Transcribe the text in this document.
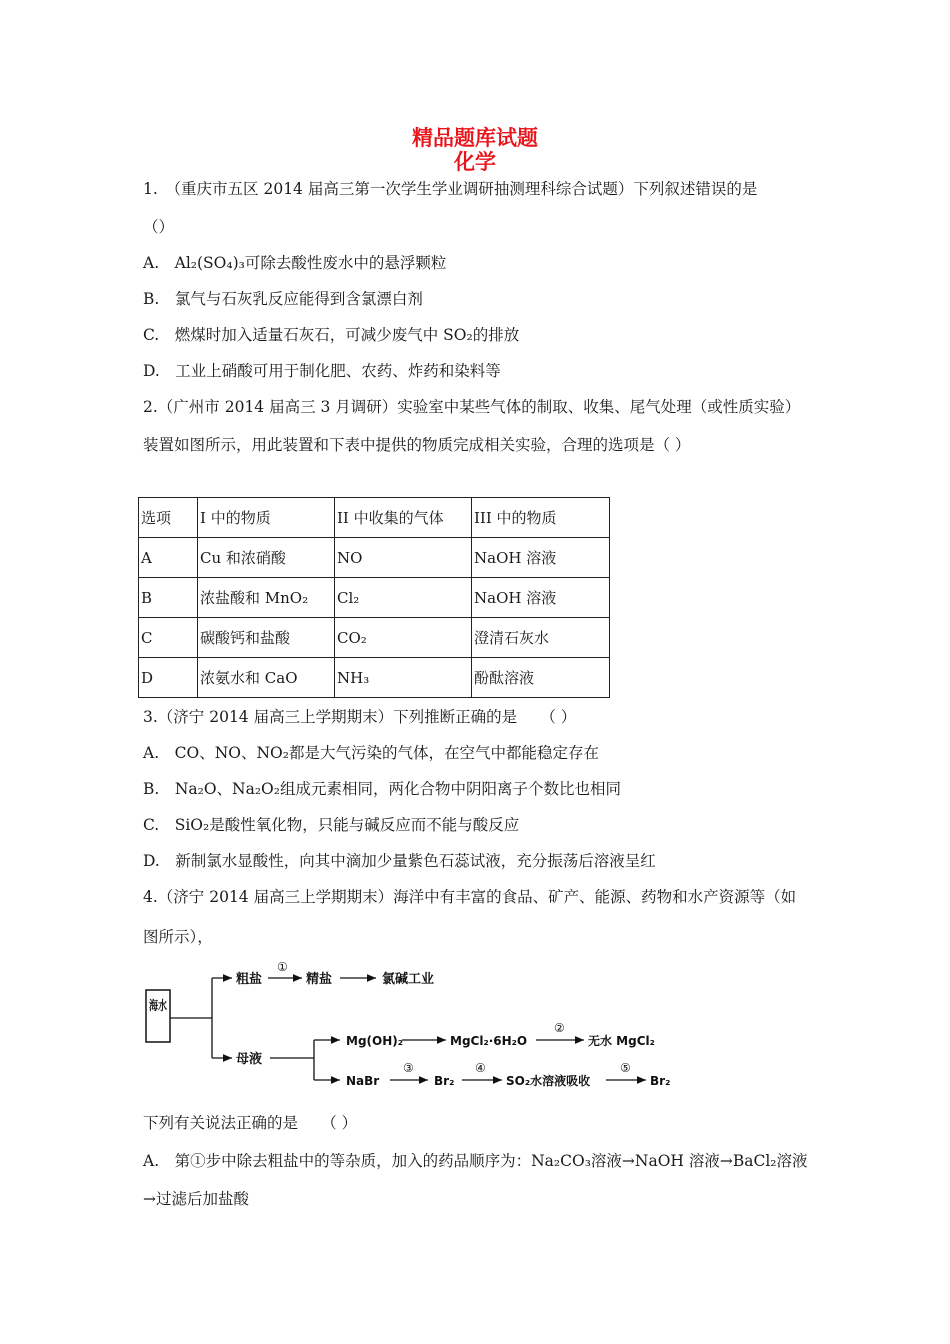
精品题库试题
化学
1.　（重庆市五区 2014 届高三第一次学生学业调研抽测理科综合试题）下列叙述错误的是
（）
A.　Al₂(SO₄)₃可除去酸性废水中的悬浮颗粒
B.　氯气与石灰乳反应能得到含氯漂白剂
C.　燃煤时加入适量石灰石，可减少废气中 SO₂的排放
D.　工业上硝酸可用于制化肥、农药、炸药和染料等
2.（广州市 2014 届高三 3 月调研）实验室中某些气体的制取、收集、尾气处理（或性质实验）
装置如图所示，用此装置和下表中提供的物质完成相关实验，合理的选项是（ ）
选项	I 中的物质	II 中收集的气体	III 中的物质
A	Cu 和浓硝酸	NO	NaOH 溶液
B	浓盐酸和 MnO₂	Cl₂	NaOH 溶液
C	碳酸钙和盐酸	CO₂	澄清石灰水
D	浓氨水和 CaO	NH₃	酚酞溶液
3.（济宁 2014 届高三上学期期末）下列推断正确的是　　（ ）
A.　CO、NO、NO₂都是大气污染的气体，在空气中都能稳定存在
B.　Na₂O、Na₂O₂组成元素相同，两化合物中阴阳离子个数比也相同
C.　SiO₂是酸性氧化物，只能与碱反应而不能与酸反应
D.　新制氯水显酸性，向其中滴加少量紫色石蕊试液，充分振荡后溶液呈红
4.（济宁 2014 届高三上学期期末）海洋中有丰富的食品、矿产、能源、药物和水产资源等（如
图所示），
海水
粗盐
①
精盐	氯碱工业
母液
Mg(OH)₂	MgCl₂·6H₂O
②
无水 MgCl₂
NaBr
③
Br₂
④
SO₂水溶液吸收
⑤
Br₂
下列有关说法正确的是　　（ ）
A.　第①步中除去粗盐中的等杂质，加入的药品顺序为：Na₂CO₃溶液→NaOH 溶液→BaCl₂溶液
→过滤后加盐酸
